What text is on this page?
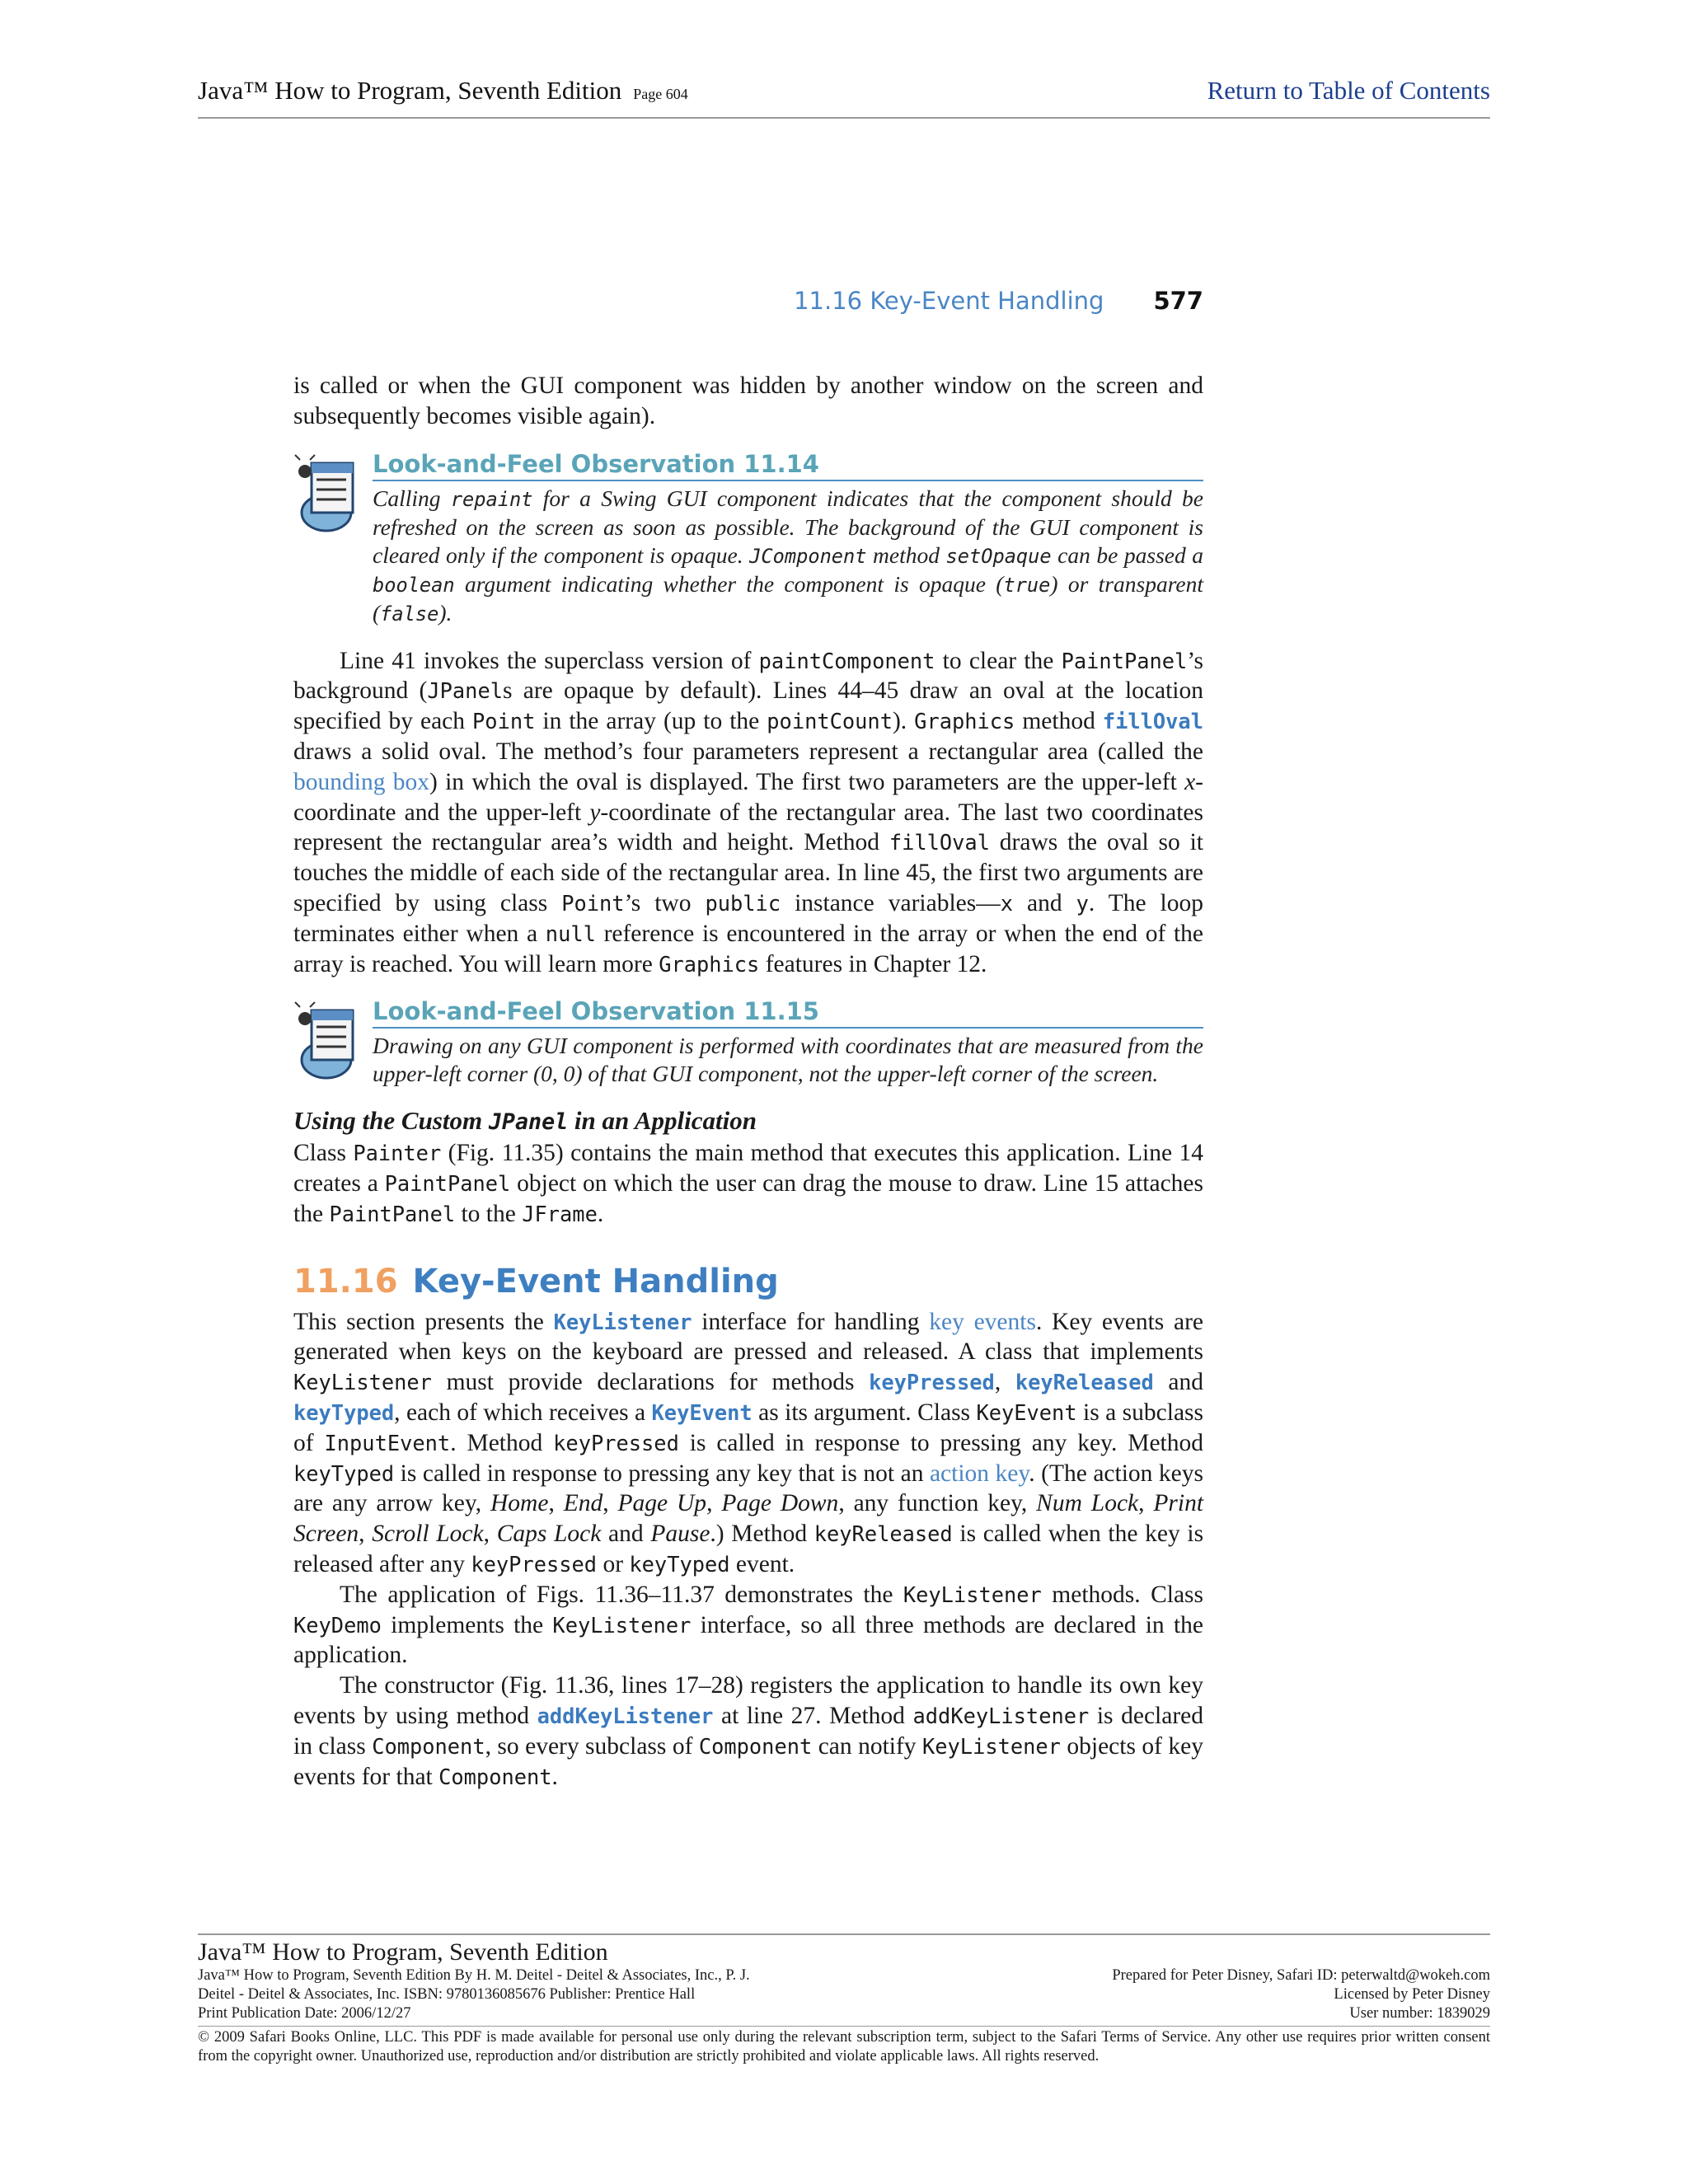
Java™ How to Program, Seventh Edition Page 604	Return to Table of Contents
11.16 Key-Event Handling 577

is called or when the GUI component was hidden by another window on the screen and subsequently becomes visible again).

Look-and-Feel Observation 11.14
Calling repaint for a Swing GUI component indicates that the component should be refreshed on the screen as soon as possible. The background of the GUI component is cleared only if the component is opaque. JComponent method setOpaque can be passed a boolean argument indicating whether the component is opaque (true) or transparent (false).

Line 41 invokes the superclass version of paintComponent to clear the PaintPanel’s background (JPanels are opaque by default). Lines 44–45 draw an oval at the location specified by each Point in the array (up to the pointCount). Graphics method fillOval draws a solid oval. The method’s four parameters represent a rectangular area (called the bounding box) in which the oval is displayed. The first two parameters are the upper-left x-coordinate and the upper-left y-coordinate of the rectangular area. The last two coordinates represent the rectangular area’s width and height. Method fillOval draws the oval so it touches the middle of each side of the rectangular area. In line 45, the first two arguments are specified by using class Point’s two public instance variables—x and y. The loop terminates either when a null reference is encountered in the array or when the end of the array is reached. You will learn more Graphics features in Chapter 12.

Look-and-Feel Observation 11.15
Drawing on any GUI component is performed with coordinates that are measured from the upper-left corner (0, 0) of that GUI component, not the upper-left corner of the screen.
Using the Custom JPanel in an Application

Class Painter (Fig. 11.35) contains the main method that executes this application. Line 14 creates a PaintPanel object on which the user can drag the mouse to draw. Line 15 attaches the PaintPanel to the JFrame.

11.16 Key-Event Handling

This section presents the KeyListener interface for handling key events. Key events are generated when keys on the keyboard are pressed and released. A class that implements KeyListener must provide declarations for methods keyPressed, keyReleased and keyTyped, each of which receives a KeyEvent as its argument. Class KeyEvent is a subclass of InputEvent. Method keyPressed is called in response to pressing any key. Method keyTyped is called in response to pressing any key that is not an action key. (The action keys are any arrow key, Home, End, Page Up, Page Down, any function key, Num Lock, Print Screen, Scroll Lock, Caps Lock and Pause.) Method keyReleased is called when the key is released after any keyPressed or keyTyped event.

The application of Figs. 11.36–11.37 demonstrates the KeyListener methods. Class KeyDemo implements the KeyListener interface, so all three methods are declared in the application.

The constructor (Fig. 11.36, lines 17–28) registers the application to handle its own key events by using method addKeyListener at line 27. Method addKeyListener is declared in class Component, so every subclass of Component can notify KeyListener objects of key events for that Component.

Java™ How to Program, Seventh Edition
Java™ How to Program, Seventh Edition By H. M. Deitel - Deitel & Associates, Inc., P. J.	Prepared for Peter Disney, Safari ID: peterwaltd@wokeh.com
Deitel - Deitel & Associates, Inc. ISBN: 9780136085676 Publisher: Prentice Hall	Licensed by Peter Disney
Print Publication Date: 2006/12/27	User number: 1839029
© 2009 Safari Books Online, LLC. This PDF is made available for personal use only during the relevant subscription term, subject to the Safari Terms of Service. Any other use requires prior written consent from the copyright owner. Unauthorized use, reproduction and/or distribution are strictly prohibited and violate applicable laws. All rights reserved.
